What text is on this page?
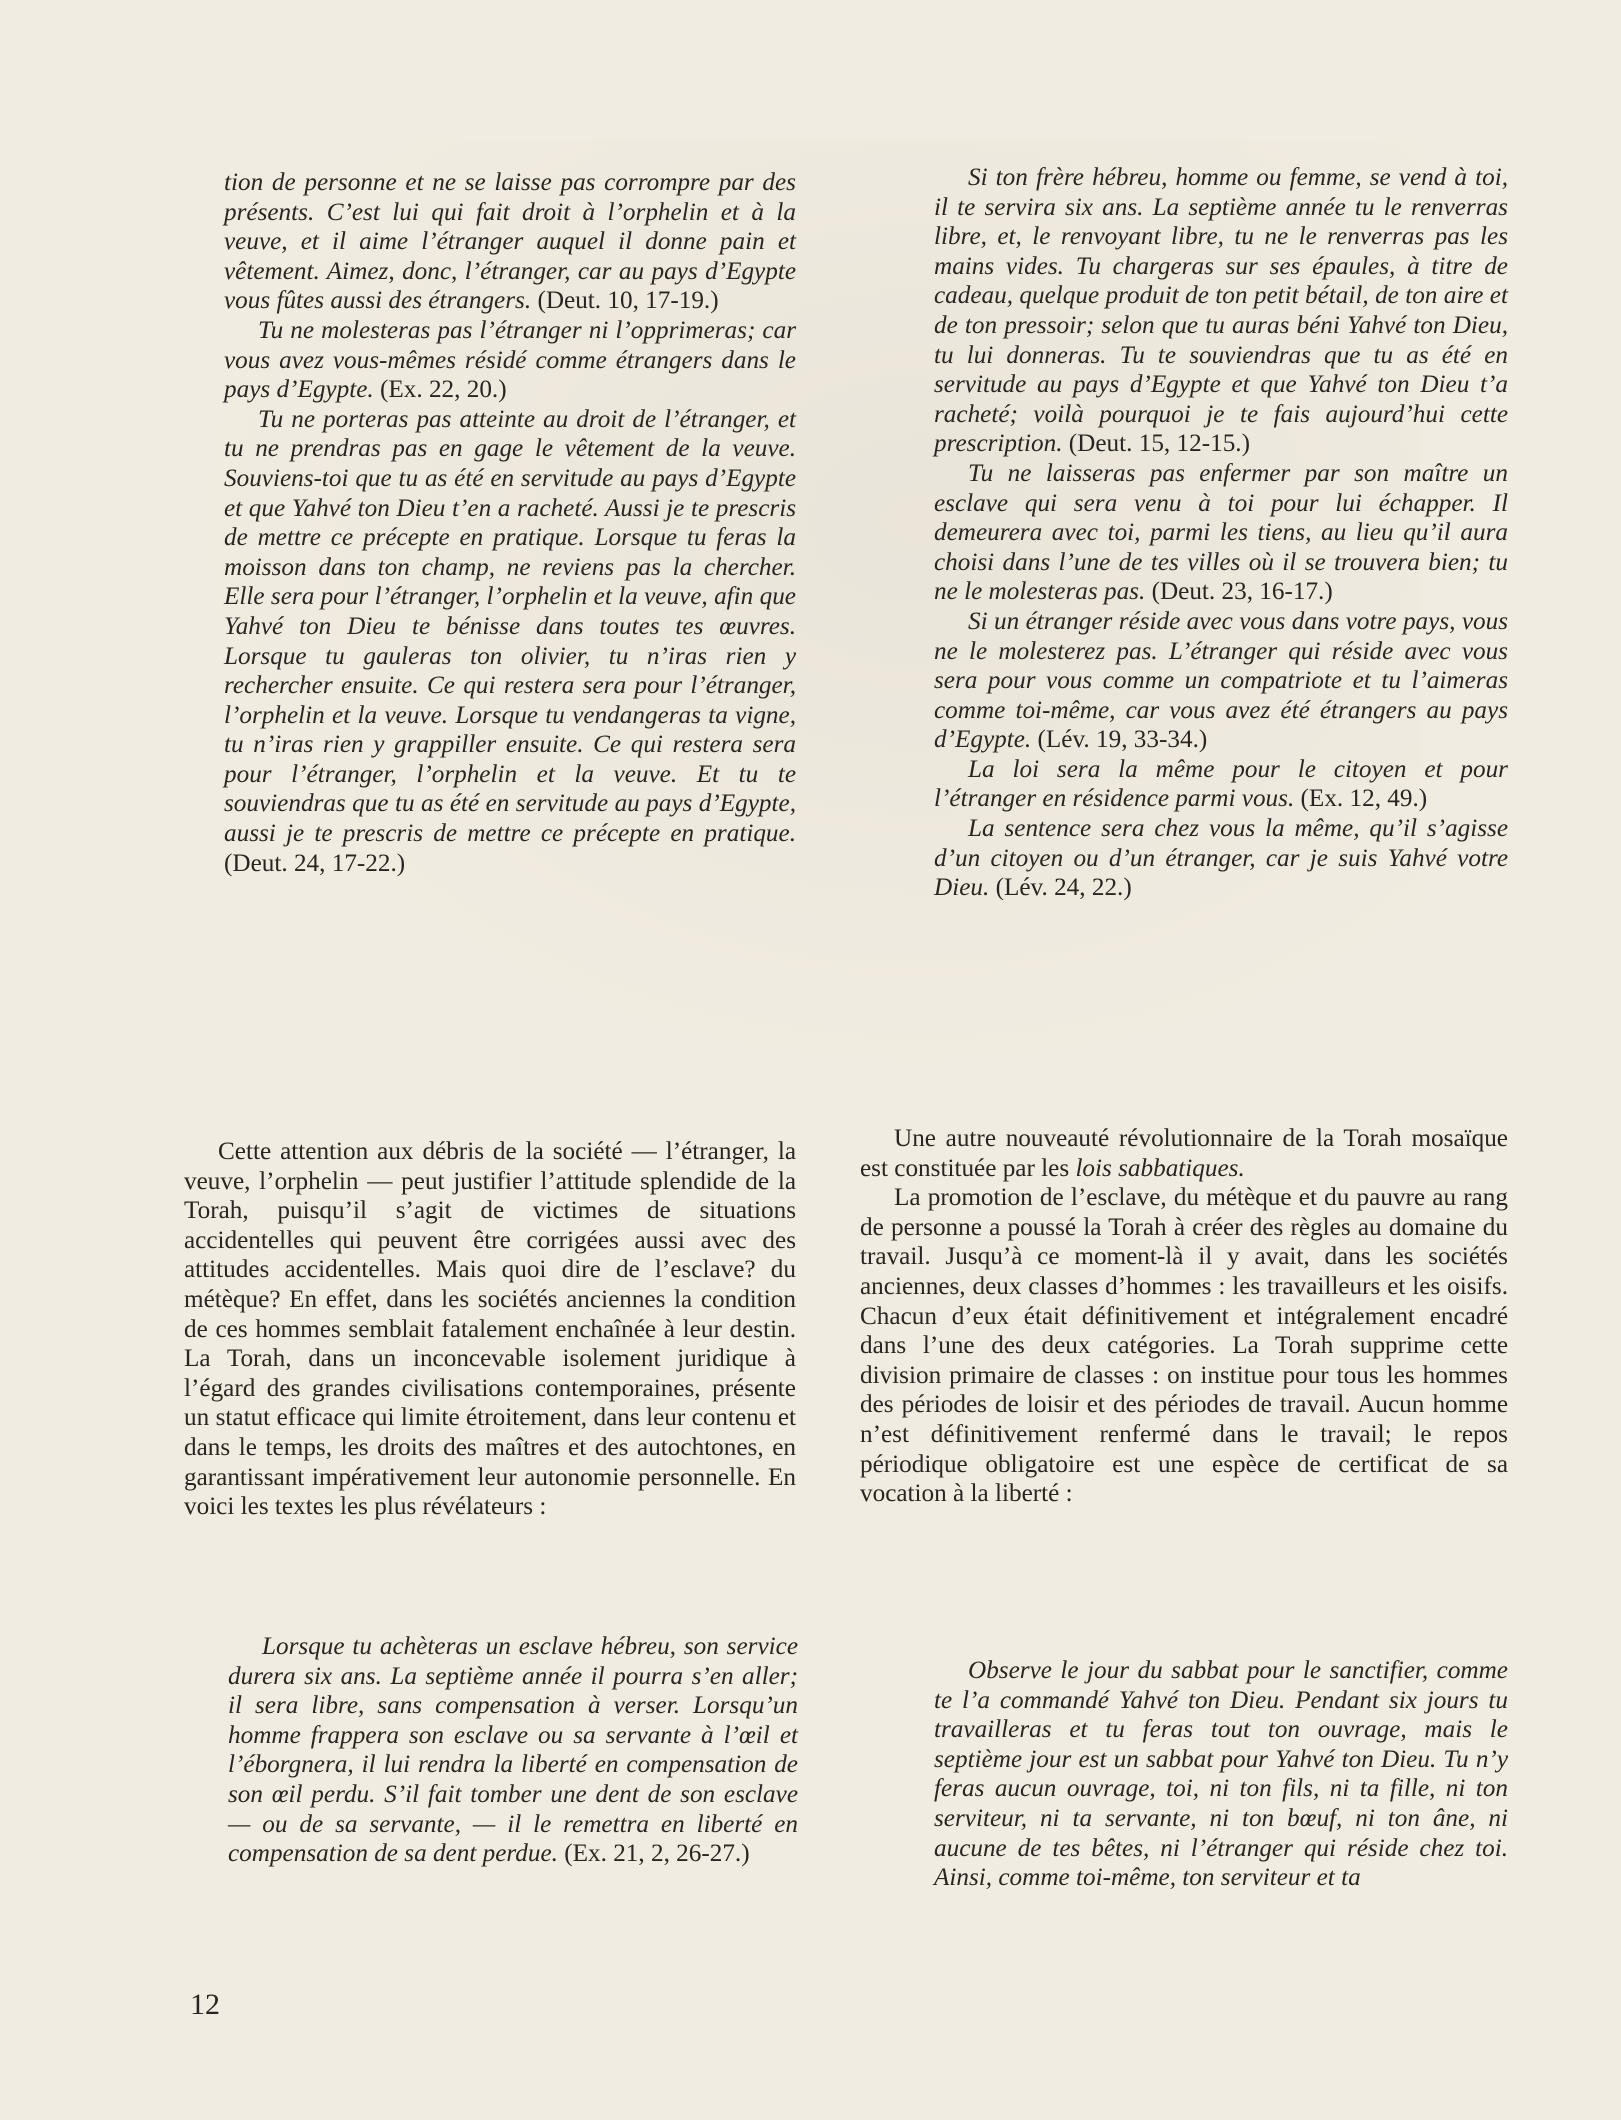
tion de personne et ne se laisse pas corrompre par des présents. C’est lui qui fait droit à l’orphelin et à la veuve, et il aime l’étranger auquel il donne pain et vêtement. Aimez, donc, l’étranger, car au pays d’Egypte vous fûtes aussi des étrangers. (Deut. 10, 17-19.)

Tu ne molesteras pas l’étranger ni l’opprimeras; car vous avez vous-mêmes résidé comme étrangers dans le pays d’Egypte. (Ex. 22, 20.)

Tu ne porteras pas atteinte au droit de l’étranger, et tu ne prendras pas en gage le vêtement de la veuve. Souviens-toi que tu as été en servitude au pays d’Egypte et que Yahvé ton Dieu t’en a racheté. Aussi je te prescris de mettre ce précepte en pratique. Lorsque tu feras la moisson dans ton champ, ne reviens pas la chercher. Elle sera pour l’étranger, l’orphelin et la veuve, afin que Yahvé ton Dieu te bénisse dans toutes tes œuvres. Lorsque tu gauleras ton olivier, tu n’iras rien y rechercher ensuite. Ce qui restera sera pour l’étranger, l’orphelin et la veuve. Lorsque tu vendangeras ta vigne, tu n’iras rien y grappiller ensuite. Ce qui restera sera pour l’étranger, l’orphelin et la veuve. Et tu te souviendras que tu as été en servitude au pays d’Egypte, aussi je te prescris de mettre ce précepte en pratique. (Deut. 24, 17-22.)

Si ton frère hébreu, homme ou femme, se vend à toi, il te servira six ans. La septième année tu le renverras libre, et, le renvoyant libre, tu ne le renverras pas les mains vides. Tu chargeras sur ses épaules, à titre de cadeau, quelque produit de ton petit bétail, de ton aire et de ton pressoir; selon que tu auras béni Yahvé ton Dieu, tu lui donneras. Tu te souviendras que tu as été en servitude au pays d’Egypte et que Yahvé ton Dieu t’a racheté; voilà pourquoi je te fais aujourd’hui cette prescription. (Deut. 15, 12-15.)

Tu ne laisseras pas enfermer par son maître un esclave qui sera venu à toi pour lui échapper. Il demeurera avec toi, parmi les tiens, au lieu qu’il aura choisi dans l’une de tes villes où il se trouvera bien; tu ne le molesteras pas. (Deut. 23, 16-17.)

Si un étranger réside avec vous dans votre pays, vous ne le molesterez pas. L’étranger qui réside avec vous sera pour vous comme un compatriote et tu l’aimeras comme toi-même, car vous avez été étrangers au pays d’Egypte. (Lév. 19, 33-34.)

La loi sera la même pour le citoyen et pour l’étranger en résidence parmi vous. (Ex. 12, 49.)

La sentence sera chez vous la même, qu’il s’agisse d’un citoyen ou d’un étranger, car je suis Yahvé votre Dieu. (Lév. 24, 22.)

Cette attention aux débris de la société — l’étranger, la veuve, l’orphelin — peut justifier l’attitude splendide de la Torah, puisqu’il s’agit de victimes de situations accidentelles qui peuvent être corrigées aussi avec des attitudes accidentelles. Mais quoi dire de l’esclave? du métèque? En effet, dans les sociétés anciennes la condition de ces hommes semblait fatalement enchaînée à leur destin. La Torah, dans un inconcevable isolement juridique à l’égard des grandes civilisations contemporaines, présente un statut efficace qui limite étroitement, dans leur contenu et dans le temps, les droits des maîtres et des autochtones, en garantissant impérativement leur autonomie personnelle. En voici les textes les plus révélateurs :

Lorsque tu achèteras un esclave hébreu, son service durera six ans. La septième année il pourra s’en aller; il sera libre, sans compensation à verser. Lorsqu’un homme frappera son esclave ou sa servante à l’œil et l’éborgnera, il lui rendra la liberté en compensation de son œil perdu. S’il fait tomber une dent de son esclave — ou de sa servante, — il le remettra en liberté en compensation de sa dent perdue. (Ex. 21, 2, 26-27.)

Une autre nouveauté révolutionnaire de la Torah mosaïque est constituée par les lois sabbatiques.

La promotion de l’esclave, du métèque et du pauvre au rang de personne a poussé la Torah à créer des règles au domaine du travail. Jusqu’à ce moment-là il y avait, dans les sociétés anciennes, deux classes d’hommes : les travailleurs et les oisifs. Chacun d’eux était définitivement et intégralement encadré dans l’une des deux catégories. La Torah supprime cette division primaire de classes : on institue pour tous les hommes des périodes de loisir et des périodes de travail. Aucun homme n’est définitivement renfermé dans le travail; le repos périodique obligatoire est une espèce de certificat de sa vocation à la liberté :

Observe le jour du sabbat pour le sanctifier, comme te l’a commandé Yahvé ton Dieu. Pendant six jours tu travailleras et tu feras tout ton ouvrage, mais le septième jour est un sabbat pour Yahvé ton Dieu. Tu n’y feras aucun ouvrage, toi, ni ton fils, ni ta fille, ni ton serviteur, ni ta servante, ni ton bœuf, ni ton âne, ni aucune de tes bêtes, ni l’étranger qui réside chez toi. Ainsi, comme toi-même, ton serviteur et ta

12
